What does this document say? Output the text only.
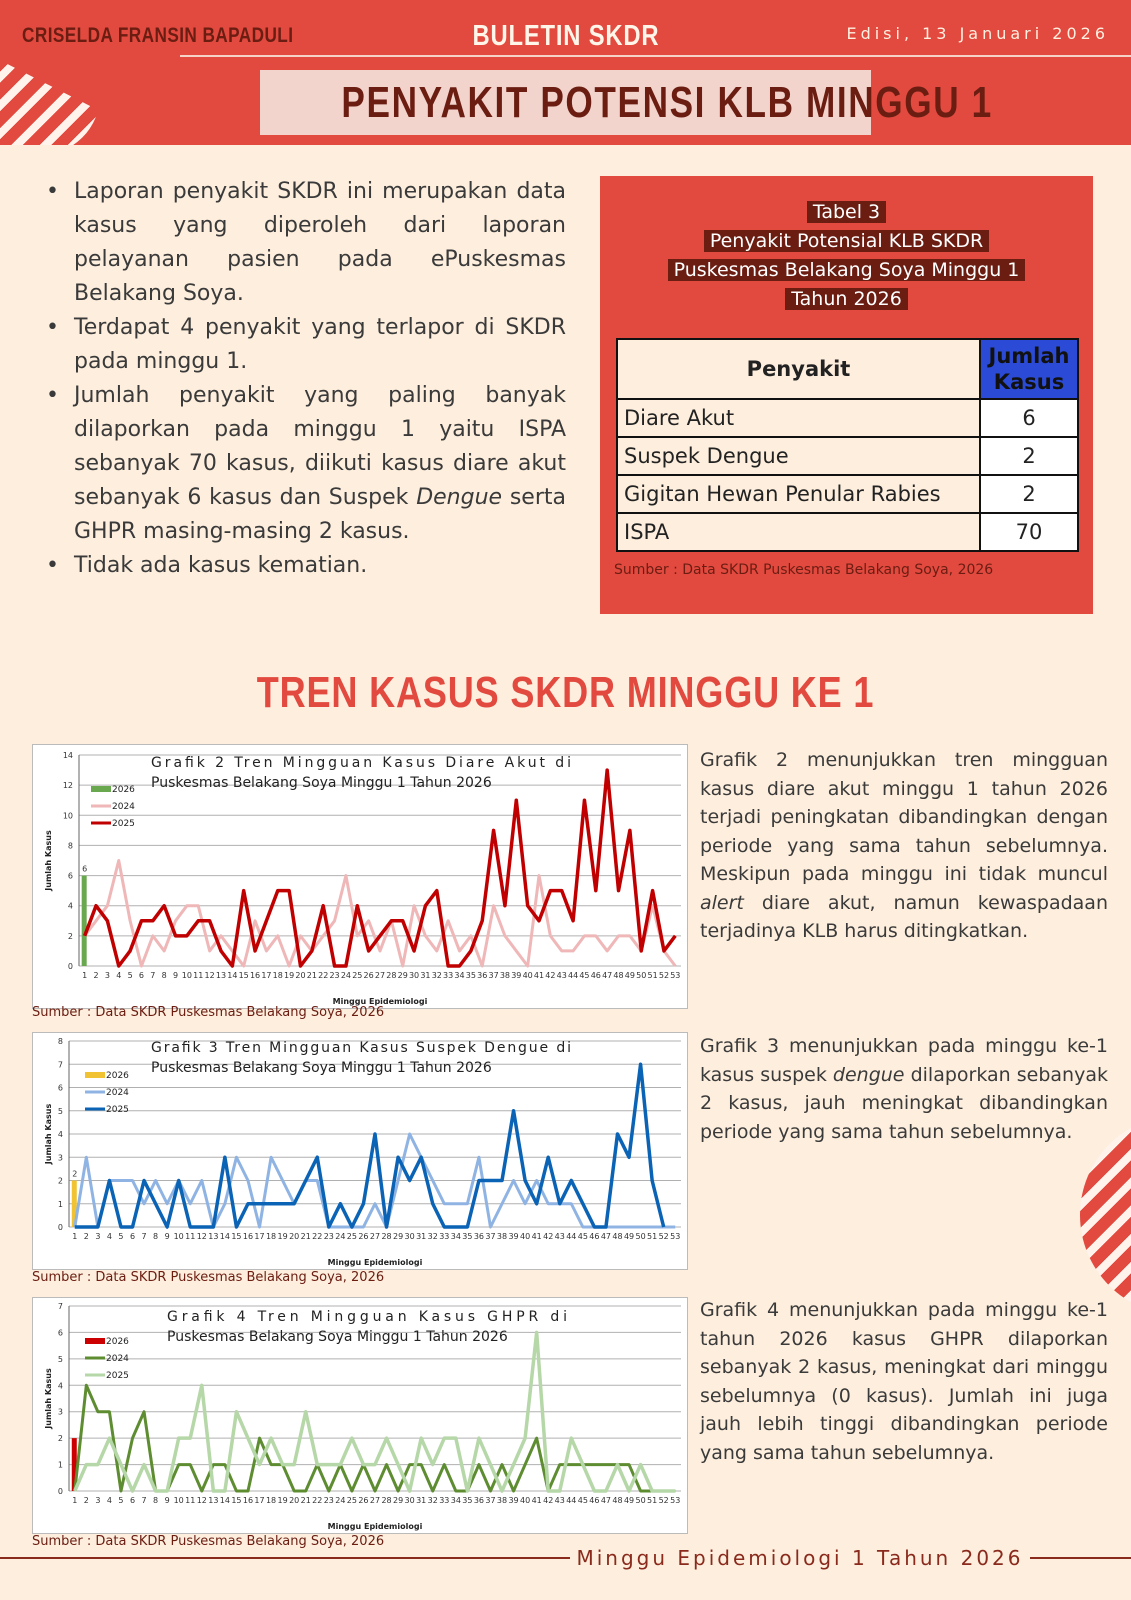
CRISELDA FRANSIN BAPADULI	BULETIN SKDR	Edisi, 13 Januari 2026
PENYAKIT POTENSI KLB MINGGU 1
• Laporan penyakit SKDR ini merupakan data kasus yang diperoleh dari laporan pelayanan pasien pada ePuskesmas Belakang Soya.
• Terdapat 4 penyakit yang terlapor di SKDR pada minggu 1.
• Jumlah penyakit yang paling banyak dilaporkan pada minggu 1 yaitu ISPA sebanyak 70 kasus, diikuti kasus diare akut sebanyak 6 kasus dan Suspek Dengue serta GHPR masing-masing 2 kasus.
• Tidak ada kasus kematian.
Tabel 3
Penyakit Potensial KLB SKDR
Puskesmas Belakang Soya Minggu 1
Tahun 2026
Penyakit	Jumlah Kasus
Diare Akut	6
Suspek Dengue	2
Gigitan Hewan Penular Rabies	2
ISPA	70
Sumber : Data SKDR Puskesmas Belakang Soya, 2026
TREN KASUS SKDR MINGGU KE 1
0
2
4
6
8
10
12
14
1 2 3 4 5 6 7 8 9 10 11 12 13 14 15 16 17 18 19 20 21 22 23 24 25 26 27 28 29 30 31 32 33 34 35 36 37 38 39 40 41 42 43 44 45 46 47 48 49 50 51 52 53
Minggu Epidemiologi
Jumlah Kasus	6
2026
2024
2025
Grafik 2 Tren Mingguan Kasus Diare Akut di
Puskesmas Belakang Soya Minggu 1 Tahun 2026
Sumber : Data SKDR Puskesmas Belakang Soya, 2026
0
1
2
3
4
5
6
7
8
1 2 3 4 5 6 7 8 9 10 11 12 13 14 15 16 17 18 19 20 21 22 23 24 25 26 27 28 29 30 31 32 33 34 35 36 37 38 39 40 41 42 43 44 45 46 47 48 49 50 51 52 53
Minggu Epidemiologi
Jumlah Kasus
2
2026
2024
2025
Grafik 3 Tren Mingguan Kasus Suspek Dengue di
Puskesmas Belakang Soya Minggu 1 Tahun 2026
Sumber : Data SKDR Puskesmas Belakang Soya, 2026
0
1
2
3
4
5
6
7
1 2 3 4 5 6 7 8 9 10 11 12 13 14 15 16 17 18 19 20 21 22 23 24 25 26 27 28 29 30 31 32 33 34 35 36 37 38 39 40 41 42 43 44 45 46 47 48 49 50 51 52 53
Minggu Epidemiologi
Jumlah Kasus
2026
2024
2025
Grafik 4 Tren Mingguan Kasus GHPR di
Puskesmas Belakang Soya Minggu 1 Tahun 2026
Sumber : Data SKDR Puskesmas Belakang Soya, 2026

Grafik 2 menunjukkan tren mingguan kasus diare akut minggu 1 tahun 2026 terjadi peningkatan dibandingkan dengan periode yang sama tahun sebelumnya. Meskipun pada minggu ini tidak muncul alert diare akut, namun kewaspadaan terjadinya KLB harus ditingkatkan.

Grafik 3 menunjukkan pada minggu ke-1 kasus suspek dengue dilaporkan sebanyak 2 kasus, jauh meningkat dibandingkan periode yang sama tahun sebelumnya.

Grafik 4 menunjukkan pada minggu ke-1 tahun 2026 kasus GHPR dilaporkan sebanyak 2 kasus, meningkat dari minggu sebelumnya (0 kasus). Jumlah ini juga jauh lebih tinggi dibandingkan periode yang sama tahun sebelumnya.

Minggu Epidemiologi 1 Tahun 2026
